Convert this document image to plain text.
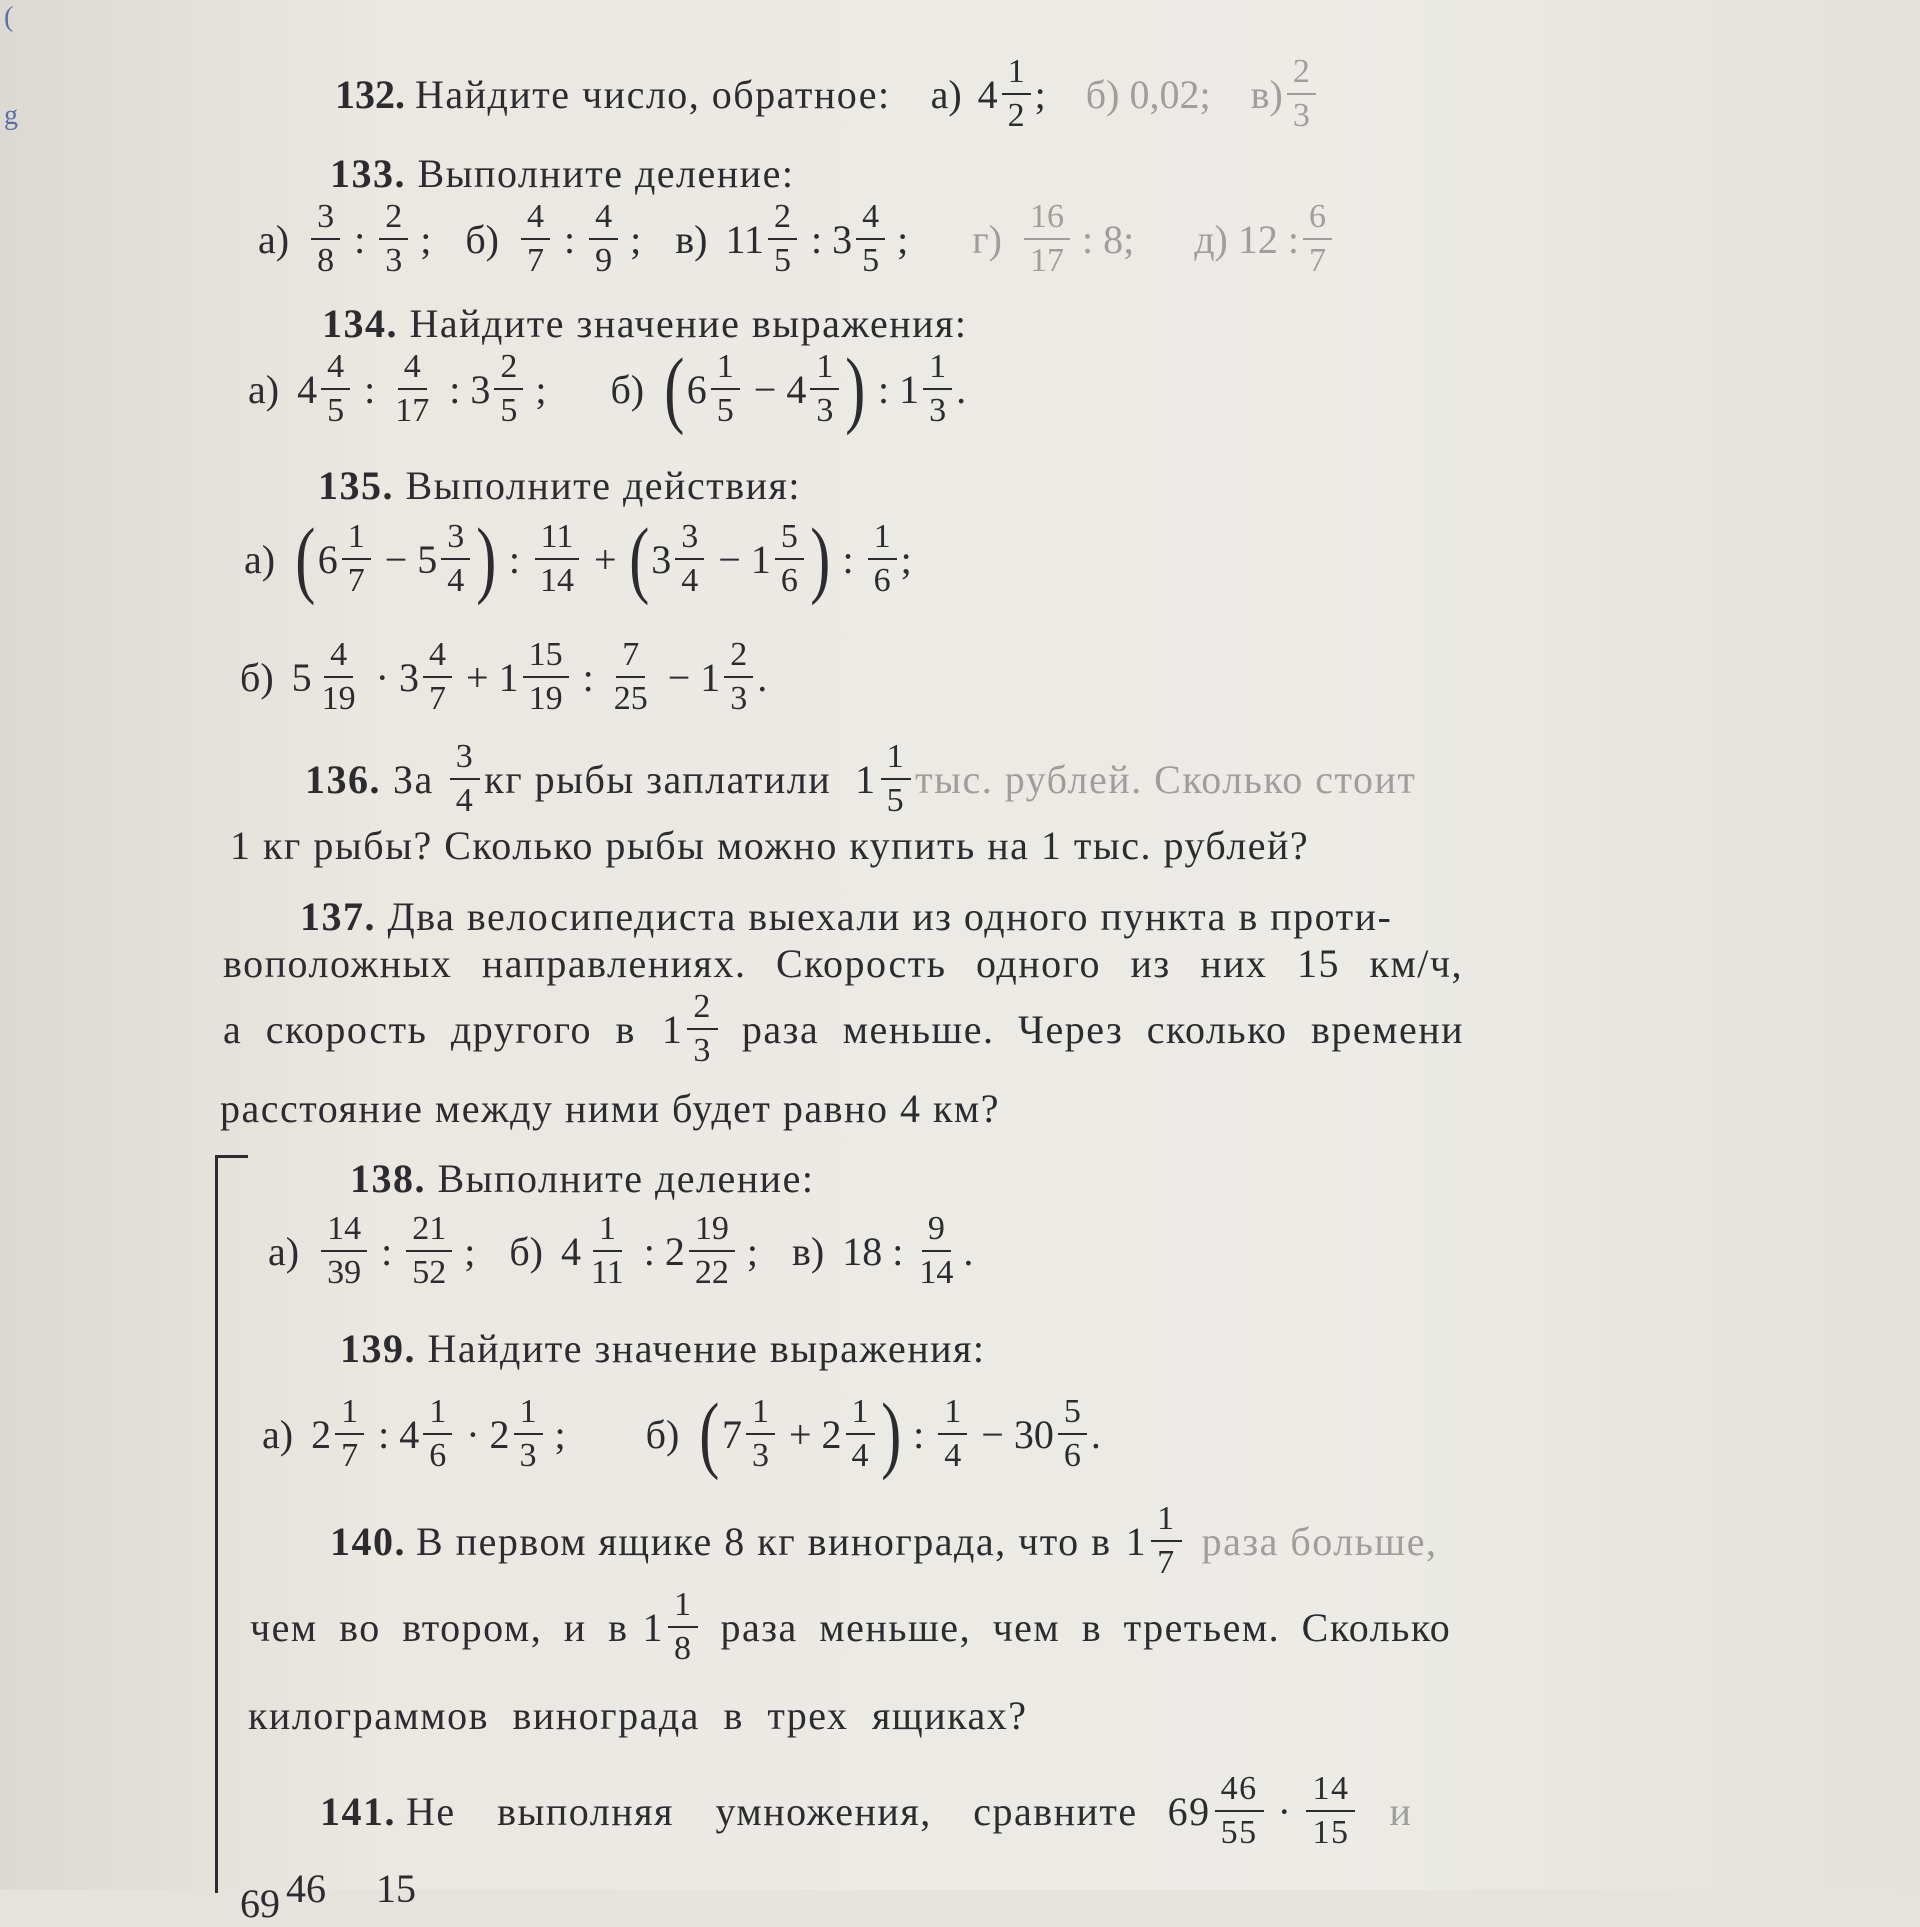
(
g	132. Найдите число, обратное: а) $4 \frac{1}{2}$ ; б) 0,02; $в) \frac{2}{3}$
133. Выполните деление:
$а) \frac{3}{8}$ : $\frac{2}{3}$ ; $б) \frac{4}{7}$ : $\frac{4}{9}$ ; в) $11 \frac{2}{5}$ : $3 \frac{4}{5}$ ; $г) \frac{16}{17}$ : 8; д) 12 : $\frac{6}{7}$
134. Найдите значение выражения:
а) $4 \frac{4}{5}$ : $\frac{4}{17}$ : $3 \frac{2}{5}$ ; б) ( $6 \frac{1}{5} - 4 \frac{1}{3}$ ) : $1 \frac{1}{3}$ .
135. Выполните действия:
а) ( $6 \frac{1}{7} - 5 \frac{3}{4}$ ) : $\frac{11}{14}$ + ( $3 \frac{3}{4} - 1 \frac{5}{6}$ ) : $\frac{1}{6}$ ;
б) $5 \frac{4}{19} \cdot 3 \frac{4}{7} + 1 \frac{15}{19}$ : $\frac{7}{25} - 1 \frac{2}{3}$ .
136. За $\frac{3}{4}$ кг рыбы заплатили $1 \frac{1}{5}$ тыс. рублей. Сколько стоит
1 кг рыбы? Сколько рыбы можно купить на 1 тыс. рублей?
137. Два велосипедиста выехали из одного пункта в проти-
воположных направлениях. Скорость одного из них 15 км/ч,
а скорость другого в $1 \frac{2}{3}$ раза меньше. Через сколько времени
расстояние между ними будет равно 4 км?
138. Выполните деление:
$а) \frac{14}{39}$ : $\frac{21}{52}$ ; б) $4 \frac{1}{11}$ : $2 \frac{19}{22}$ ; в) 18 : $\frac{9}{14}$ .
139. Найдите значение выражения:
а) $2 \frac{1}{7}$ : $4 \frac{1}{6} \cdot 2 \frac{1}{3}$ ; б) ( $7 \frac{1}{3} + 2 \frac{1}{4}$ ) : $\frac{1}{4} - 30 \frac{5}{6}$ .
140. В первом ящике 8 кг винограда, что в $1 \frac{1}{7}$ раза больше,
чем во втором, и в $1 \frac{1}{8}$ раза меньше, чем в третьем. Сколько
килограммов винограда в трех ящиках?
141. Не выполняя умножения, сравните $69 \frac{46}{55} \cdot \frac{14}{15}$ и
69 46 15
